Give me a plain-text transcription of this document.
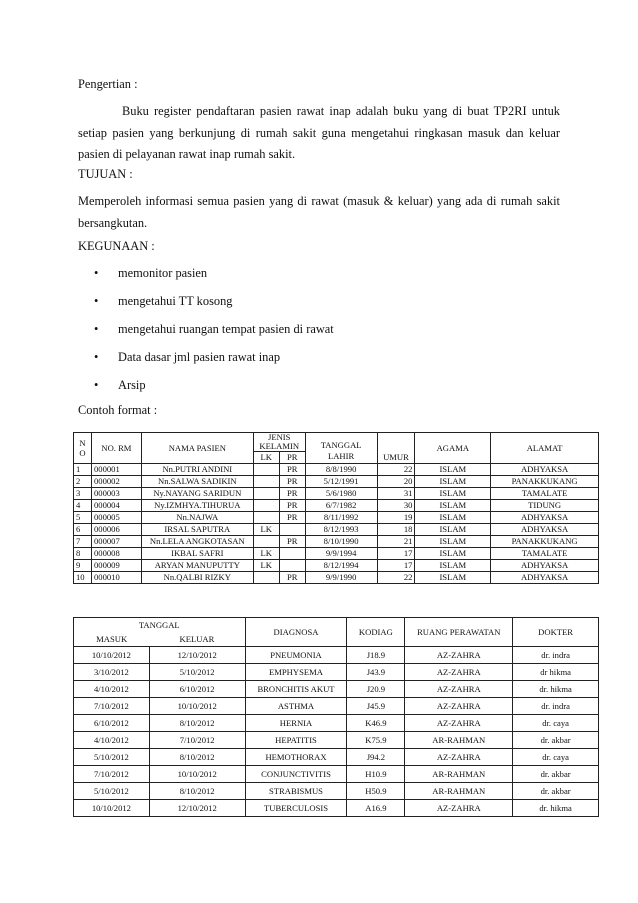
Pengertian :

Buku register pendaftaran pasien rawat inap adalah buku yang di buat TP2RI untuk setiap pasien yang berkunjung di rumah sakit guna mengetahui ringkasan masuk dan keluar pasien di pelayanan rawat inap rumah sakit.

TUJUAN :

Memperoleh informasi semua pasien yang di rawat (masuk & keluar) yang ada di rumah sakit bersangkutan.

KEGUNAAN :

• memonitor pasien
• mengetahui TT kosong
• mengetahui ruangan tempat pasien di rawat
• Data dasar jml pasien rawat inap
• Arsip

Contoh format :

N O	NO. RM	NAMA PASIEN	JENIS KELAMIN		TANGGAL LAHIR	UMUR	AGAMA	ALAMAT

			LK	PR				
1	000001	Nn.PUTRI ANDINI		PR	8/8/1990	22	ISLAM	ADHYAKSA
2	000002	Nn.SALWA SADIKIN		PR	5/12/1991	20	ISLAM	PANAKKUKANG
3	000003	Ny.NAYANG SARIDUN		PR	5/6/1980	31	ISLAM	TAMALATE
4	000004	Ny.IZMHYA.TIHURUA		PR	6/7/1982	30	ISLAM	TIDUNG
5	000005	Nn.NAJWA		PR	8/11/1992	19	ISLAM	ADHYAKSA
6	000006	IRSAL SAPUTRA	LK		8/12/1993	18	ISLAM	ADHYAKSA
7	000007	Nn.LELA ANGKOTASAN		PR	8/10/1990	21	ISLAM	PANAKKUKANG
8	000008	IKBAL SAFRI	LK		9/9/1994	17	ISLAM	TAMALATE
9	000009	ARYAN MANUPUTTY	LK		8/12/1994	17	ISLAM	ADHYAKSA
10	000010	Nn.QALBI RIZKY		PR	9/9/1990	22	ISLAM	ADHYAKSA
TANGGAL		DIAGNOSA	KODIAG	RUANG PERAWATAN	DOKTER
MASUK	KELUAR				
10/10/2012	12/10/2012	PNEUMONIA	J18.9	AZ-ZAHRA	dr. indra
3/10/2012	5/10/2012	EMPHYSEMA	J43.9	AZ-ZAHRA	dr hikma
4/10/2012	6/10/2012	BRONCHITIS AKUT	J20.9	AZ-ZAHRA	dr. hikma
7/10/2012	10/10/2012	ASTHMA	J45.9	AZ-ZAHRA	dr. indra
6/10/2012	8/10/2012	HERNIA	K46.9	AZ-ZAHRA	dr. caya
4/10/2012	7/10/2012	HEPATITIS	K75.9	AR-RAHMAN	dr. akbar
5/10/2012	8/10/2012	HEMOTHORAX	J94.2	AZ-ZAHRA	dr. caya
7/10/2012	10/10/2012	CONJUNCTIVITIS	H10.9	AR-RAHMAN	dr. akbar
5/10/2012	8/10/2012	STRABISMUS	H50.9	AR-RAHMAN	dr. akbar
10/10/2012	12/10/2012	TUBERCULOSIS	A16.9	AZ-ZAHRA	dr. hikma
